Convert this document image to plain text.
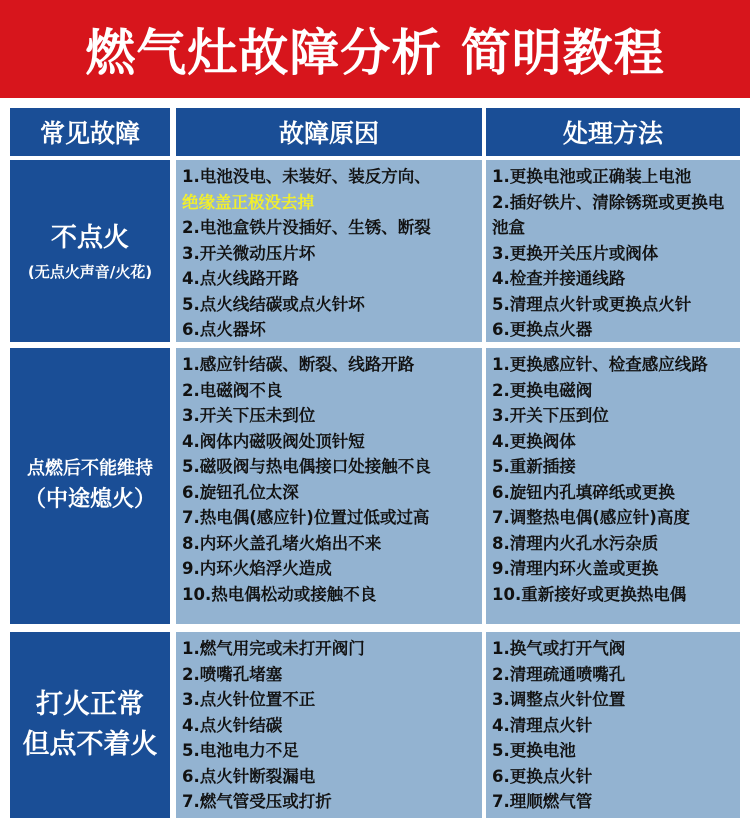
燃气灶故障分析 简明教程
常见故障	故障原因	处理方法
不点火
(无点火声音/火花)
1.电池没电、未装好、装反方向、
绝缘盖正极没去掉
2.电池盒铁片没插好、生锈、断裂
3.开关微动压片坏
4.点火线路开路
5.点火线结碳或点火针坏
6.点火器坏
1.更换电池或正确装上电池
2.插好铁片、清除锈斑或更换电池盒
3.更换开关压片或阀体
4.检查并接通线路
5.清理点火针或更换点火针
6.更换点火器
点燃后不能维持
（中途熄火）
1.感应针结碳、断裂、线路开路
2.电磁阀不良
3.开关下压未到位
4.阀体内磁吸阀处顶针短
5.磁吸阀与热电偶接口处接触不良
6.旋钮孔位太深
7.热电偶(感应针)位置过低或过高
8.内环火盖孔堵火焰出不来
9.内环火焰浮火造成
10.热电偶松动或接触不良
1.更换感应针、检查感应线路
2.更换电磁阀
3.开关下压到位
4.更换阀体
5.重新插接
6.旋钮内孔填碎纸或更换
7.调整热电偶(感应针)高度
8.清理内火孔水污杂质
9.清理内环火盖或更换
10.重新接好或更换热电偶
打火正常
但点不着火
1.燃气用完或未打开阀门
2.喷嘴孔堵塞
3.点火针位置不正
4.点火针结碳
5.电池电力不足
6.点火针断裂漏电
7.燃气管受压或打折
1.换气或打开气阀
2.清理疏通喷嘴孔
3.调整点火针位置
4.清理点火针
5.更换电池
6.更换点火针
7.理顺燃气管
